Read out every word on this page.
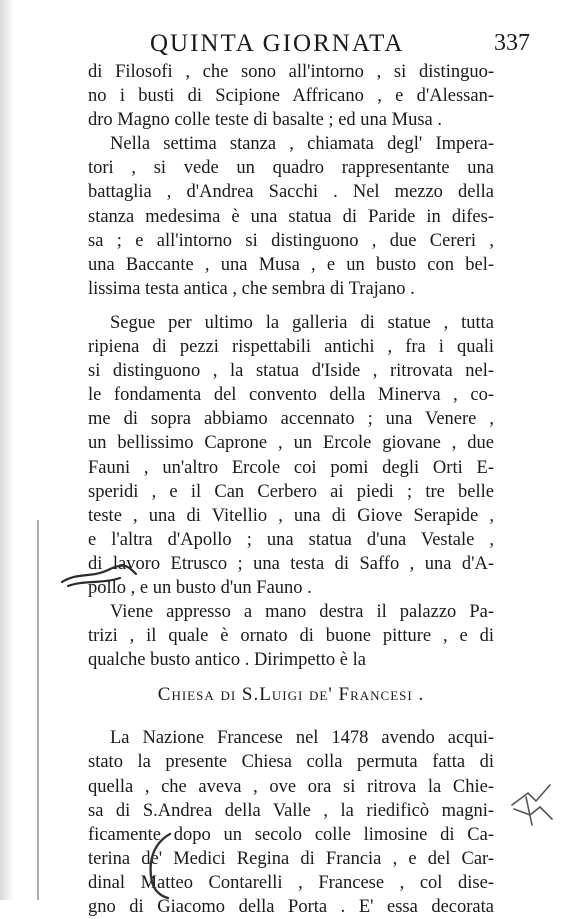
QUINTA GIORNATA	337
di Filosofi , che sono all'intorno , si distinguo-
no i busti di Scipione Affricano , e d'Alessan-
dro Magno colle teste di basalte ; ed una Musa .
Nella settima stanza , chiamata degl' Impera-
tori , si vede un quadro rappresentante una
battaglia , d'Andrea Sacchi . Nel mezzo della
stanza medesima è una statua di Paride in difes-
sa ; e all'intorno si distinguono , due Cereri ,
una Baccante , una Musa , e un busto con bel-
lissima testa antica , che sembra di Trajano .
Segue per ultimo la galleria di statue , tutta
ripiena di pezzi rispettabili antichi , fra i quali
si distinguono , la statua d'Iside , ritrovata nel-
le fondamenta del convento della Minerva , co-
me di sopra abbiamo accennato ; una Venere ,
un bellissimo Caprone , un Ercole giovane , due
Fauni , un'altro Ercole coi pomi degli Orti E-
speridi , e il Can Cerbero ai piedi ; tre belle
teste , una di Vitellio , una di Giove Serapide ,
e l'altra d'Apollo ; una statua d'una Vestale ,
di lavoro Etrusco ; una testa di Saffo , una d'A-
pollo , e un busto d'un Fauno .
Viene appresso a mano destra il palazzo Pa-
trizi , il quale è ornato di buone pitture , e di
qualche busto antico . Dirimpetto è la
Chiesa di S.Luigi de' Francesi .
La Nazione Francese nel 1478 avendo acqui-
stato la presente Chiesa colla permuta fatta di
quella , che aveva , ove ora si ritrova la Chie-
sa di S.Andrea della Valle , la riedificò magni-
ficamente dopo un secolo colle limosine di Ca-
terina de' Medici Regina di Francia , e del Car-
dinal Matteo Contarelli , Francese , col dise-
gno di Giacomo della Porta . E' essa decorata
